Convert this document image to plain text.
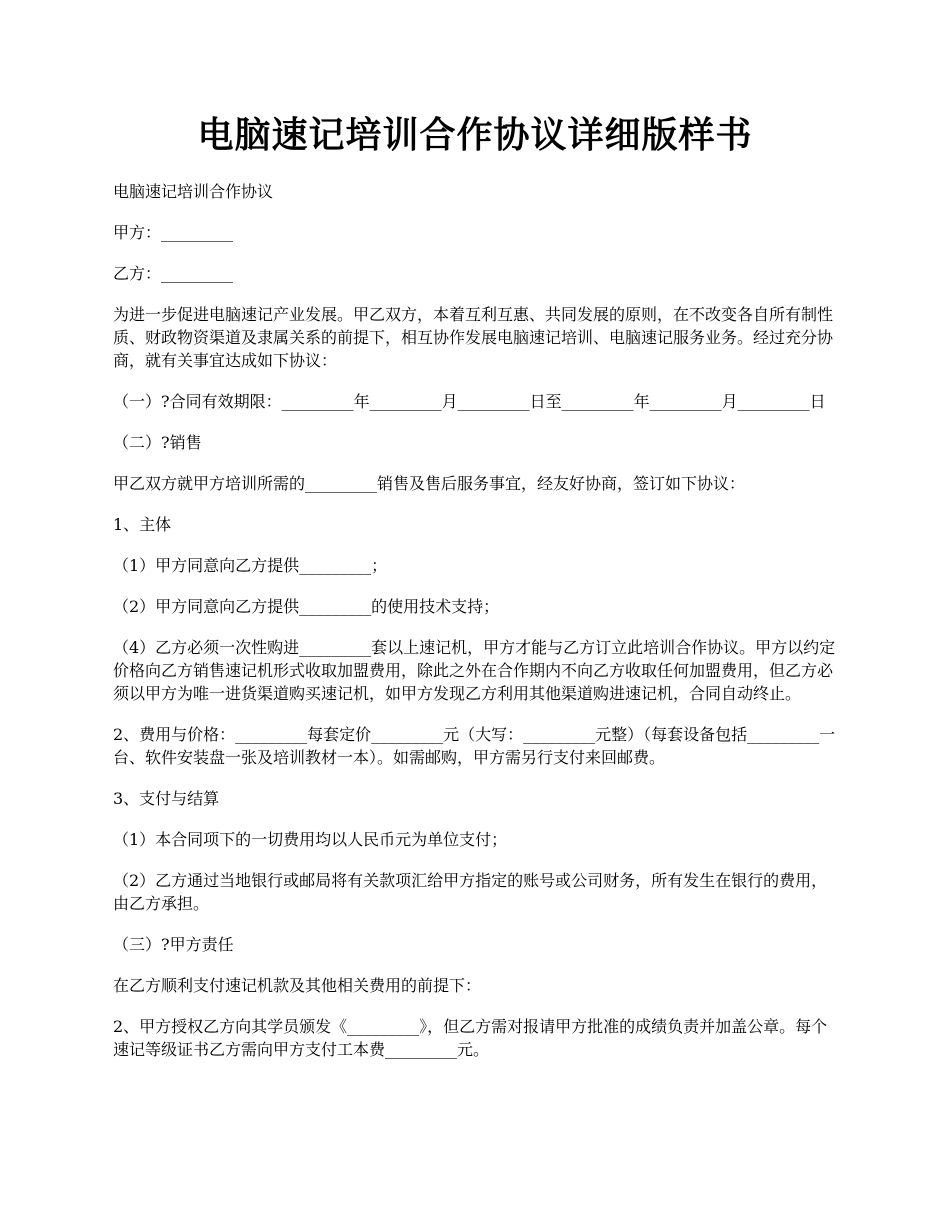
电脑速记培训合作协议详细版样书

电脑速记培训合作协议

甲方：_________

乙方：_________

为进一步促进电脑速记产业发展。甲乙双方，本着互利互惠、共同发展的原则，在不改变各自所有制性质、财政物资渠道及隶属关系的前提下，相互协作发展电脑速记培训、电脑速记服务业务。经过充分协商，就有关事宜达成如下协议：

（一）?合同有效期限：_________年_________月_________日至_________年_________月_________日

（二）?销售

甲乙双方就甲方培训所需的_________销售及售后服务事宜，经友好协商，签订如下协议：

1、主体

（1）甲方同意向乙方提供_________；

（2）甲方同意向乙方提供_________的使用技术支持；

（4）乙方必须一次性购进_________套以上速记机，甲方才能与乙方订立此培训合作协议。甲方以约定价格向乙方销售速记机形式收取加盟费用，除此之外在合作期内不向乙方收取任何加盟费用，但乙方必须以甲方为唯一进货渠道购买速记机，如甲方发现乙方利用其他渠道购进速记机，合同自动终止。

2、费用与价格：_________每套定价_________元（大写：_________元整）（每套设备包括_________一台、软件安装盘一张及培训教材一本）。如需邮购，甲方需另行支付来回邮费。

3、支付与结算

（1）本合同项下的一切费用均以人民币元为单位支付；

（2）乙方通过当地银行或邮局将有关款项汇给甲方指定的账号或公司财务，所有发生在银行的费用，由乙方承担。

（三）?甲方责任

在乙方顺利支付速记机款及其他相关费用的前提下：

2、甲方授权乙方向其学员颁发《_________》，但乙方需对报请甲方批准的成绩负责并加盖公章。每个速记等级证书乙方需向甲方支付工本费_________元。
